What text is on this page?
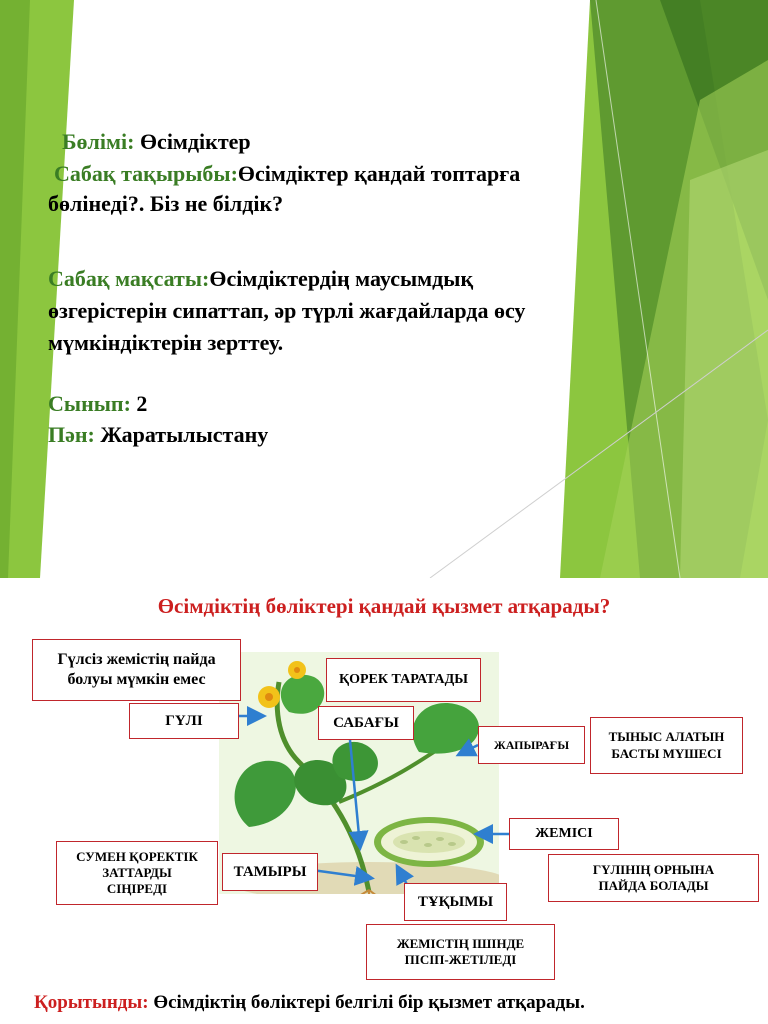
Бөлімі: Өсімдіктер
Сабақ тақырыбы:Өсімдіктер қандай топтарға
бөлінеді?. Біз не білдік?
Сабақ мақсаты:Өсімдіктердің маусымдық
өзгерістерін сипаттап, әр түрлі жағдайларда өсу
мүмкіндіктерін зерттеу.
Сынып: 2
Пән: Жаратылыстану
Өсімдіктің бөліктері қандай қызмет атқарады?
Гүлсіз жемістің пайда
болуы мүмкін емес
ГҮЛІ
ҚОРЕК ТАРАТАДЫ
САБАҒЫ
ЖАПЫРАҒЫ
ТЫНЫС АЛАТЫН
БАСТЫ МҮШЕСІ
ЖЕМІСІ
ГҮЛІНІҢ ОРНЫНА
ПАЙДА БОЛАДЫ
СУМЕН ҚОРЕКТІК
ЗАТТАРДЫ
СІҢІРЕДІ
ТАМЫРЫ
ТҰҚЫМЫ
ЖЕМІСТІҢ ІШІНДЕ
ПІСІП-ЖЕТІЛЕДІ
Қорытынды: Өсімдіктің бөліктері белгілі бір қызмет атқарады.
